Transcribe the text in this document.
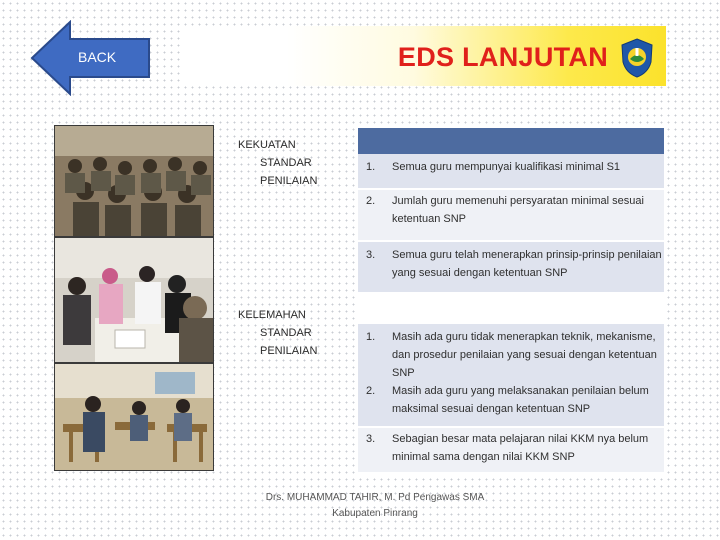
BACK	EDS LANJUTAN
KEKUATAN
STANDAR PENILAIAN
1.	Semua guru mempunyai kualifikasi minimal S1
2.	Jumlah guru memenuhi persyaratan minimal sesuai ketentuan SNP
3.	Semua guru telah menerapkan prinsip-prinsip penilaian yang sesuai dengan ketentuan SNP
KELEMAHAN
STANDAR PENILAIAN
1.	Masih ada guru tidak menerapkan teknik, mekanisme, dan prosedur penilaian yang sesuai dengan ketentuan SNP
2.	Masih ada guru yang melaksanakan penilaian belum maksimal sesuai dengan ketentuan SNP
3.	Sebagian besar mata pelajaran nilai KKM nya belum minimal sama dengan nilai KKM SNP
Drs. MUHAMMAD TAHIR, M. Pd Pengawas SMA
Kabupaten Pinrang
